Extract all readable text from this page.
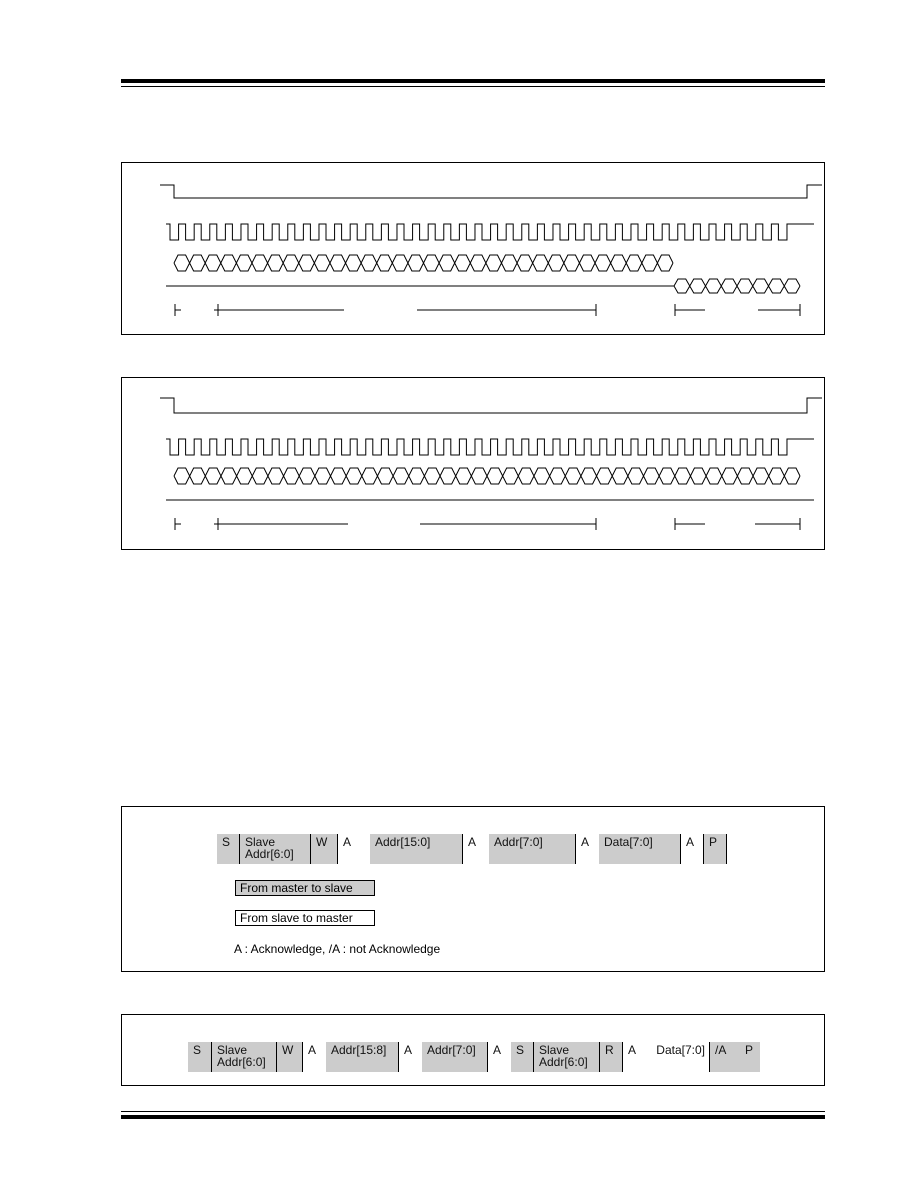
S	Slave
Addr[6:0]
W	A	Addr[15:0]	A	Addr[7:0]	A	Data[7:0]	A	P
From master to slave
From slave to master
A : Acknowledge, /A : not Acknowledge
S	Slave
Addr[6:0]
W	A	Addr[15:8]	A	Addr[7:0]	A	S	Slave
Addr[6:0]
R	A	Data[7:0] /A	P
